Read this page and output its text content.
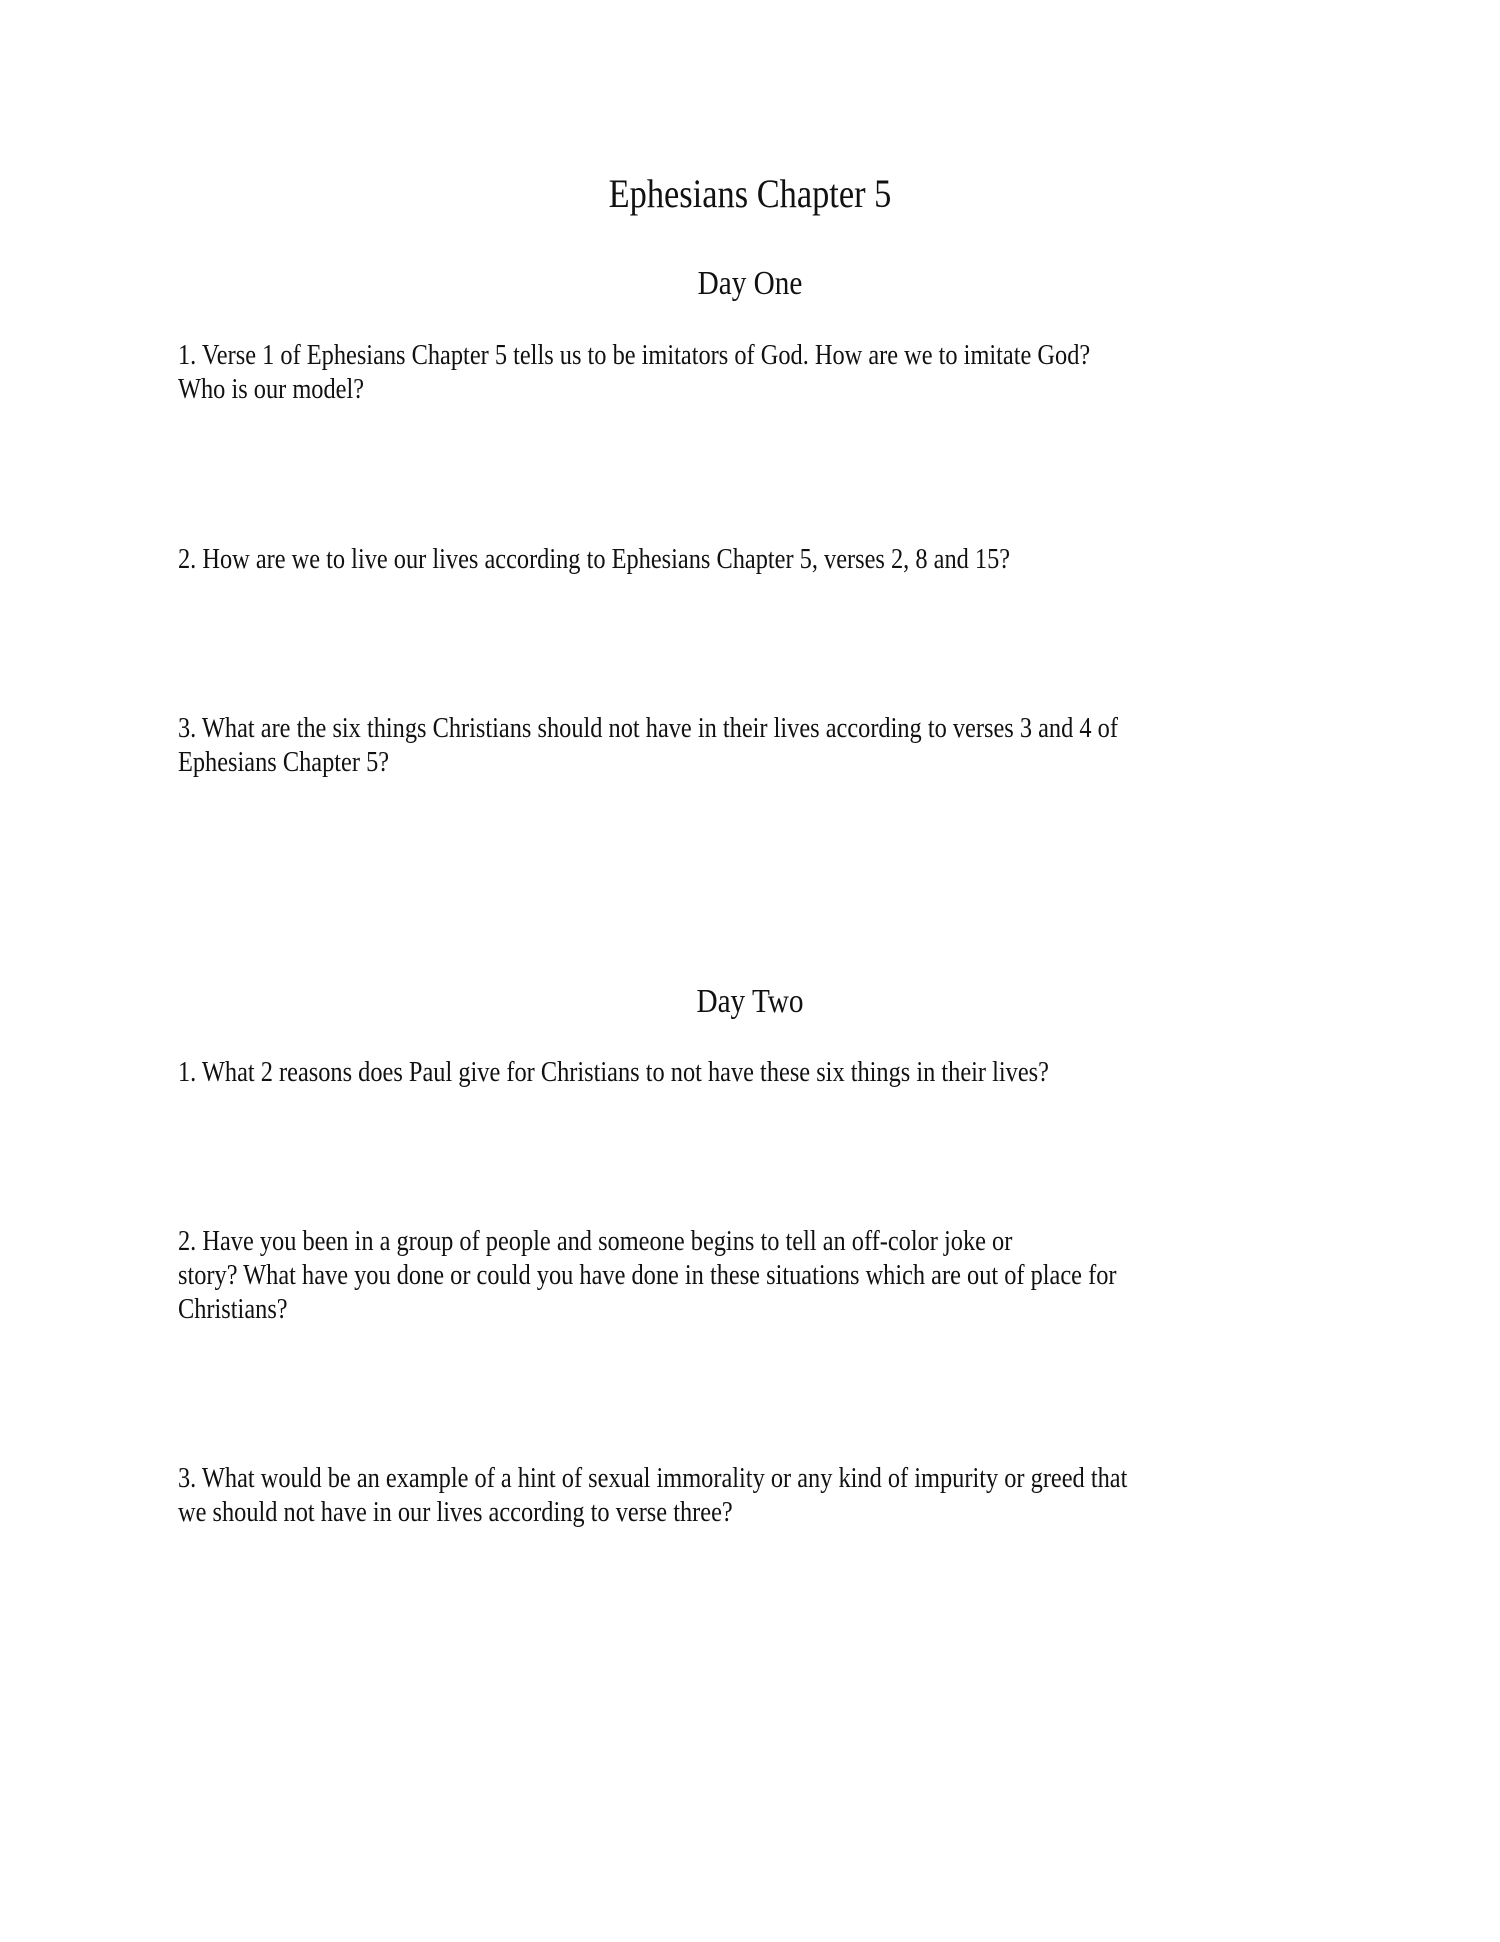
Ephesians Chapter 5
Day One
1. Verse 1 of Ephesians Chapter 5 tells us to be imitators of God. How are we to imitate God?
Who is our model?
2. How are we to live our lives according to Ephesians Chapter 5, verses 2, 8 and 15?
3. What are the six things Christians should not have in their lives according to verses 3 and 4 of
Ephesians Chapter 5?
Day Two
1. What 2 reasons does Paul give for Christians to not have these six things in their lives?
2. Have you been in a group of people and someone begins to tell an off-color joke or
story? What have you done or could you have done in these situations which are out of place for
Christians?
3. What would be an example of a hint of sexual immorality or any kind of impurity or greed that
we should not have in our lives according to verse three?
